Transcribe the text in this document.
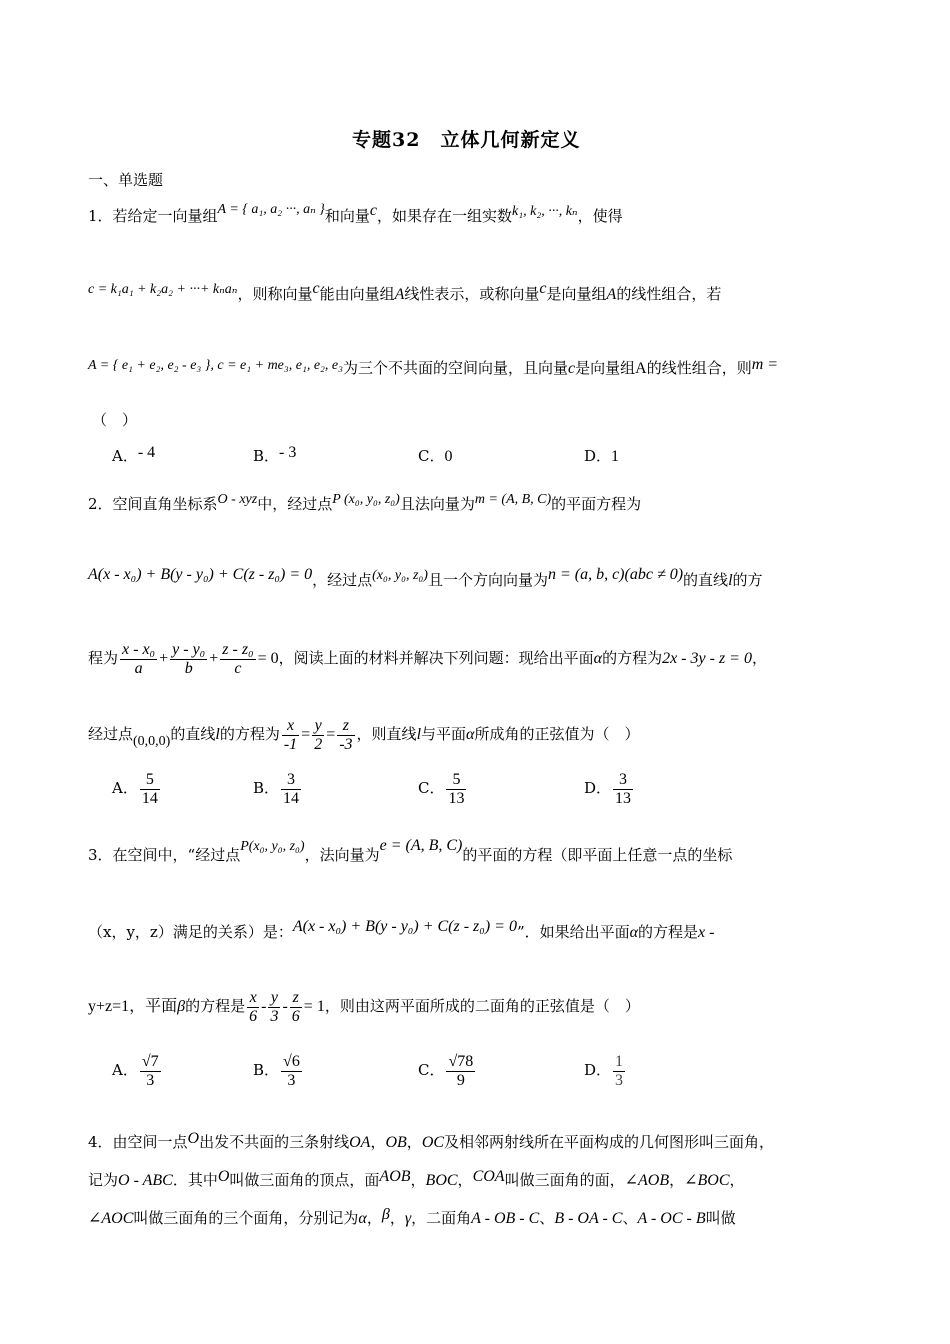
专题32　立体几何新定义
一、单选题
1．若给定一向量组A = { a₁, a₂ ···, aₙ }和向量c，如果存在一组实数k₁, k₂, ···, kₙ，使得
c = k₁a₁ + k₂a₂ + ···+ kₙaₙ，则称向量c能由向量组A线性表示，或称向量c是向量组A的线性组合，若
A = { e₁ + e₂, e₂ - e₃ }, c = e₁ + me₃, e₁, e₂, e₃为三个不共面的空间向量，且向量c是向量组A的线性组合，则m =
（　）
A．- 4	B．- 3	C．0	D．1
2．空间直角坐标系O - xyz中，经过点P (x₀, y₀, z₀)且法向量为m = (A, B, C)的平面方程为
A(x - x₀) + B(y - y₀) + C(z - z₀) = 0，经过点(x₀, y₀, z₀)且一个方向向量为n = (a, b, c)(abc ≠ 0)的直线l的方
程为 $\frac{\text{x - x₀}}{a} + \frac{\text{y - y₀}}{b} + \frac{\text{z - z₀}}{c} = 0$，阅读上面的材料并解决下列问题：现给出平面α的方程为2x - 3y - z = 0，
经过点(0,0,0)的直线l的方程为 $\frac{x}{-1} = \frac{y}{2} = \frac{z}{-3}$ ，则直线l与平面α所成角的正弦值为（　）
A． $\frac{5}{14}$	B． $\frac{3}{14}$	C． $\frac{5}{13}$	D． $\frac{3}{13}$
3．在空间中，“经过点P(x₀, y₀, z₀)，法向量为e = (A, B, C)的平面的方程（即平面上任意一点的坐标
（x，y，z）满足的关系）是：A(x - x₀) + B(y - y₀) + C(z - z₀) = 0”．如果给出平面α的方程是x -
y+z=1，平面β的方程是 $\frac{x}{6} - \frac{y}{3} - \frac{z}{6} = 1$，则由这两平面所成的二面角的正弦值是（　）
A． $\frac{√7}{3}$	B． $\frac{√6}{3}$	C． $\frac{√78}{9}$	D． $\frac{1}{3}$
4．由空间一点O出发不共面的三条射线OA，OB，OC及相邻两射线所在平面构成的几何图形叫三面角，
记为O - ABC．其中O叫做三面角的顶点，面AOB，BOC，COA叫做三面角的面，∠AOB，∠BOC，
∠AOC叫做三面角的三个面角，分别记为α，β，γ，二面角A - OB - C、B - OA - C、A - OC - B叫做
